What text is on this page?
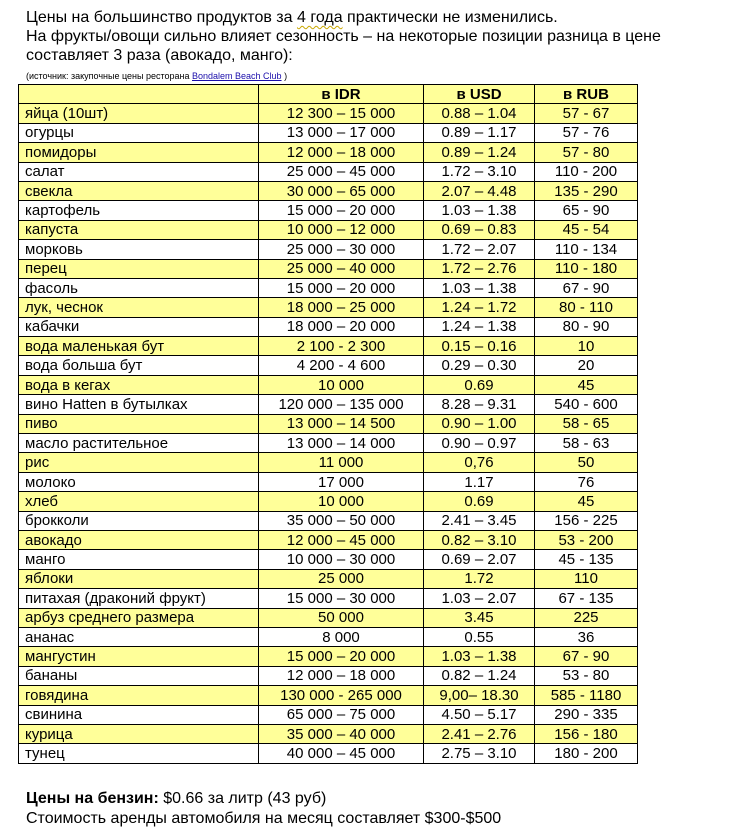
Цены на большинство продуктов за 4 года практически не изменились.

На фрукты/овощи сильно влияет сезонность – на некоторые позиции разница в цене

составляет 3 раза (авокадо, манго):

(источник: закупочные цены ресторана Bondalem Beach Club )
	в IDR	в USD	в RUB
яйца (10шт)	12 300 – 15 000	0.88 – 1.04	57 - 67
огурцы	13 000 – 17 000	0.89 – 1.17	57 - 76
помидоры	12 000 – 18 000	0.89 – 1.24	57 - 80
салат	25 000 – 45 000	1.72 – 3.10	110 - 200
свекла	30 000 – 65 000	2.07 – 4.48	135 - 290
картофель	15 000 – 20 000	1.03 – 1.38	65 - 90
капуста	10 000 – 12 000	0.69 – 0.83	45 - 54
морковь	25 000 – 30 000	1.72 – 2.07	110 - 134
перец	25 000 – 40 000	1.72 – 2.76	110 - 180
фасоль	15 000 – 20 000	1.03 – 1.38	67 - 90
лук, чеснок	18 000 – 25 000	1.24 – 1.72	80 - 110
кабачки	18 000 – 20 000	1.24 – 1.38	80 - 90
вода маленькая бут	2 100 - 2 300	0.15 – 0.16	10
вода больша бут	4 200 - 4 600	0.29 – 0.30	20
вода в кегах	10 000	0.69	45
вино Hatten в бутылках	120 000 – 135 000	8.28 – 9.31	540 - 600
пиво	13 000 – 14 500	0.90 – 1.00	58 - 65
масло растительное	13 000 – 14 000	0.90 – 0.97	58 - 63
рис	11 000	0,76	50
молоко	17 000	1.17	76
хлеб	10 000	0.69	45
брокколи	35 000 – 50 000	2.41 – 3.45	156 - 225
авокадо	12 000 – 45 000	0.82 – 3.10	53 - 200
манго	10 000 – 30 000	0.69 – 2.07	45 - 135
яблоки	25 000	1.72	110
питахая (драконий фрукт)	15 000 – 30 000	1.03 – 2.07	67 - 135
арбуз среднего размера	50 000	3.45	225
ананас	8 000	0.55	36
мангустин	15 000 – 20 000	1.03 – 1.38	67 - 90
бананы	12 000 – 18 000	0.82 – 1.24	53 - 80
говядина	130 000 - 265 000	9,00– 18.30	585 - 1180
свинина	65 000 – 75 000	4.50 – 5.17	290 - 335
курица	35 000 – 40 000	2.41 – 2.76	156 - 180
тунец	40 000 – 45 000	2.75 – 3.10	180 - 200

Цены на бензин: $0.66 за литр (43 руб)

Стоимость аренды автомобиля на месяц составляет $300-$500
